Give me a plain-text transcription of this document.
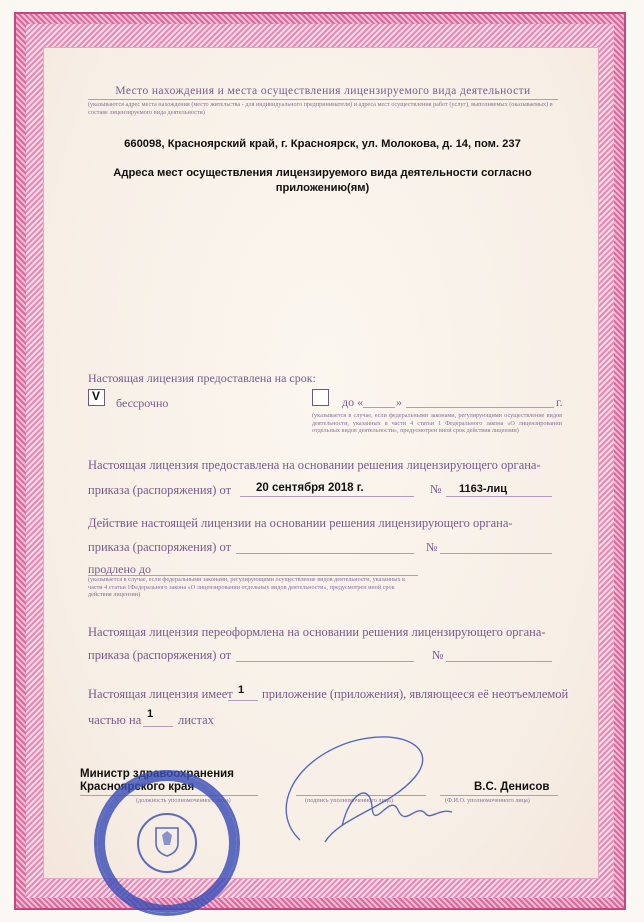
Место нахождения и места осуществления лицензируемого вида деятельности
(указываются адрес места нахождения (место жительства - для индивидуального предпринимателя) и адреса мест осуществления работ (услуг), выполняемых (оказываемых) в составе лицензируемого вида деятельности)
660098, Красноярский край, г. Красноярск, ул. Молокова, д. 14, пом. 237
Адреса мест осуществления лицензируемого вида деятельности согласно приложению(ям)
Настоящая лицензия предоставлена на срок:
V бессрочно	до «	»	г.
(указывается в случае, если федеральными законами, регулирующими осуществление видов деятельности, указанных в части 4 статьи 1 Федерального закона «О лицензировании отдельных видов деятельности», предусмотрен иной срок действия лицензии)
Настоящая лицензия предоставлена на основании решения лицензирующего органа-
приказа (распоряжения) от 20 сентября 2018 г.	№ 1163-лиц
Действие настоящей лицензии на основании решения лицензирующего органа-
приказа (распоряжения) от	№
продлено до
(указывается в случае, если федеральными законами, регулирующими осуществление видов деятельности, указанных в части 4 статьи 1Федерального закона «О лицензировании отдельных видов деятельности», предусмотрен иной срок действия лицензии)
Настоящая лицензия переоформлена на основании решения лицензирующего органа-
приказа (распоряжения) от	№
Настоящая лицензия имеет 1 приложение (приложения), являющееся её неотъемлемой
частью на 1 листах
Министр здравоохранения
Красноярского края
(должность уполномоченного лица)	(подпись уполномоченного лица)
В.С. Денисов
(Ф.И.О. уполномоченного лица)
